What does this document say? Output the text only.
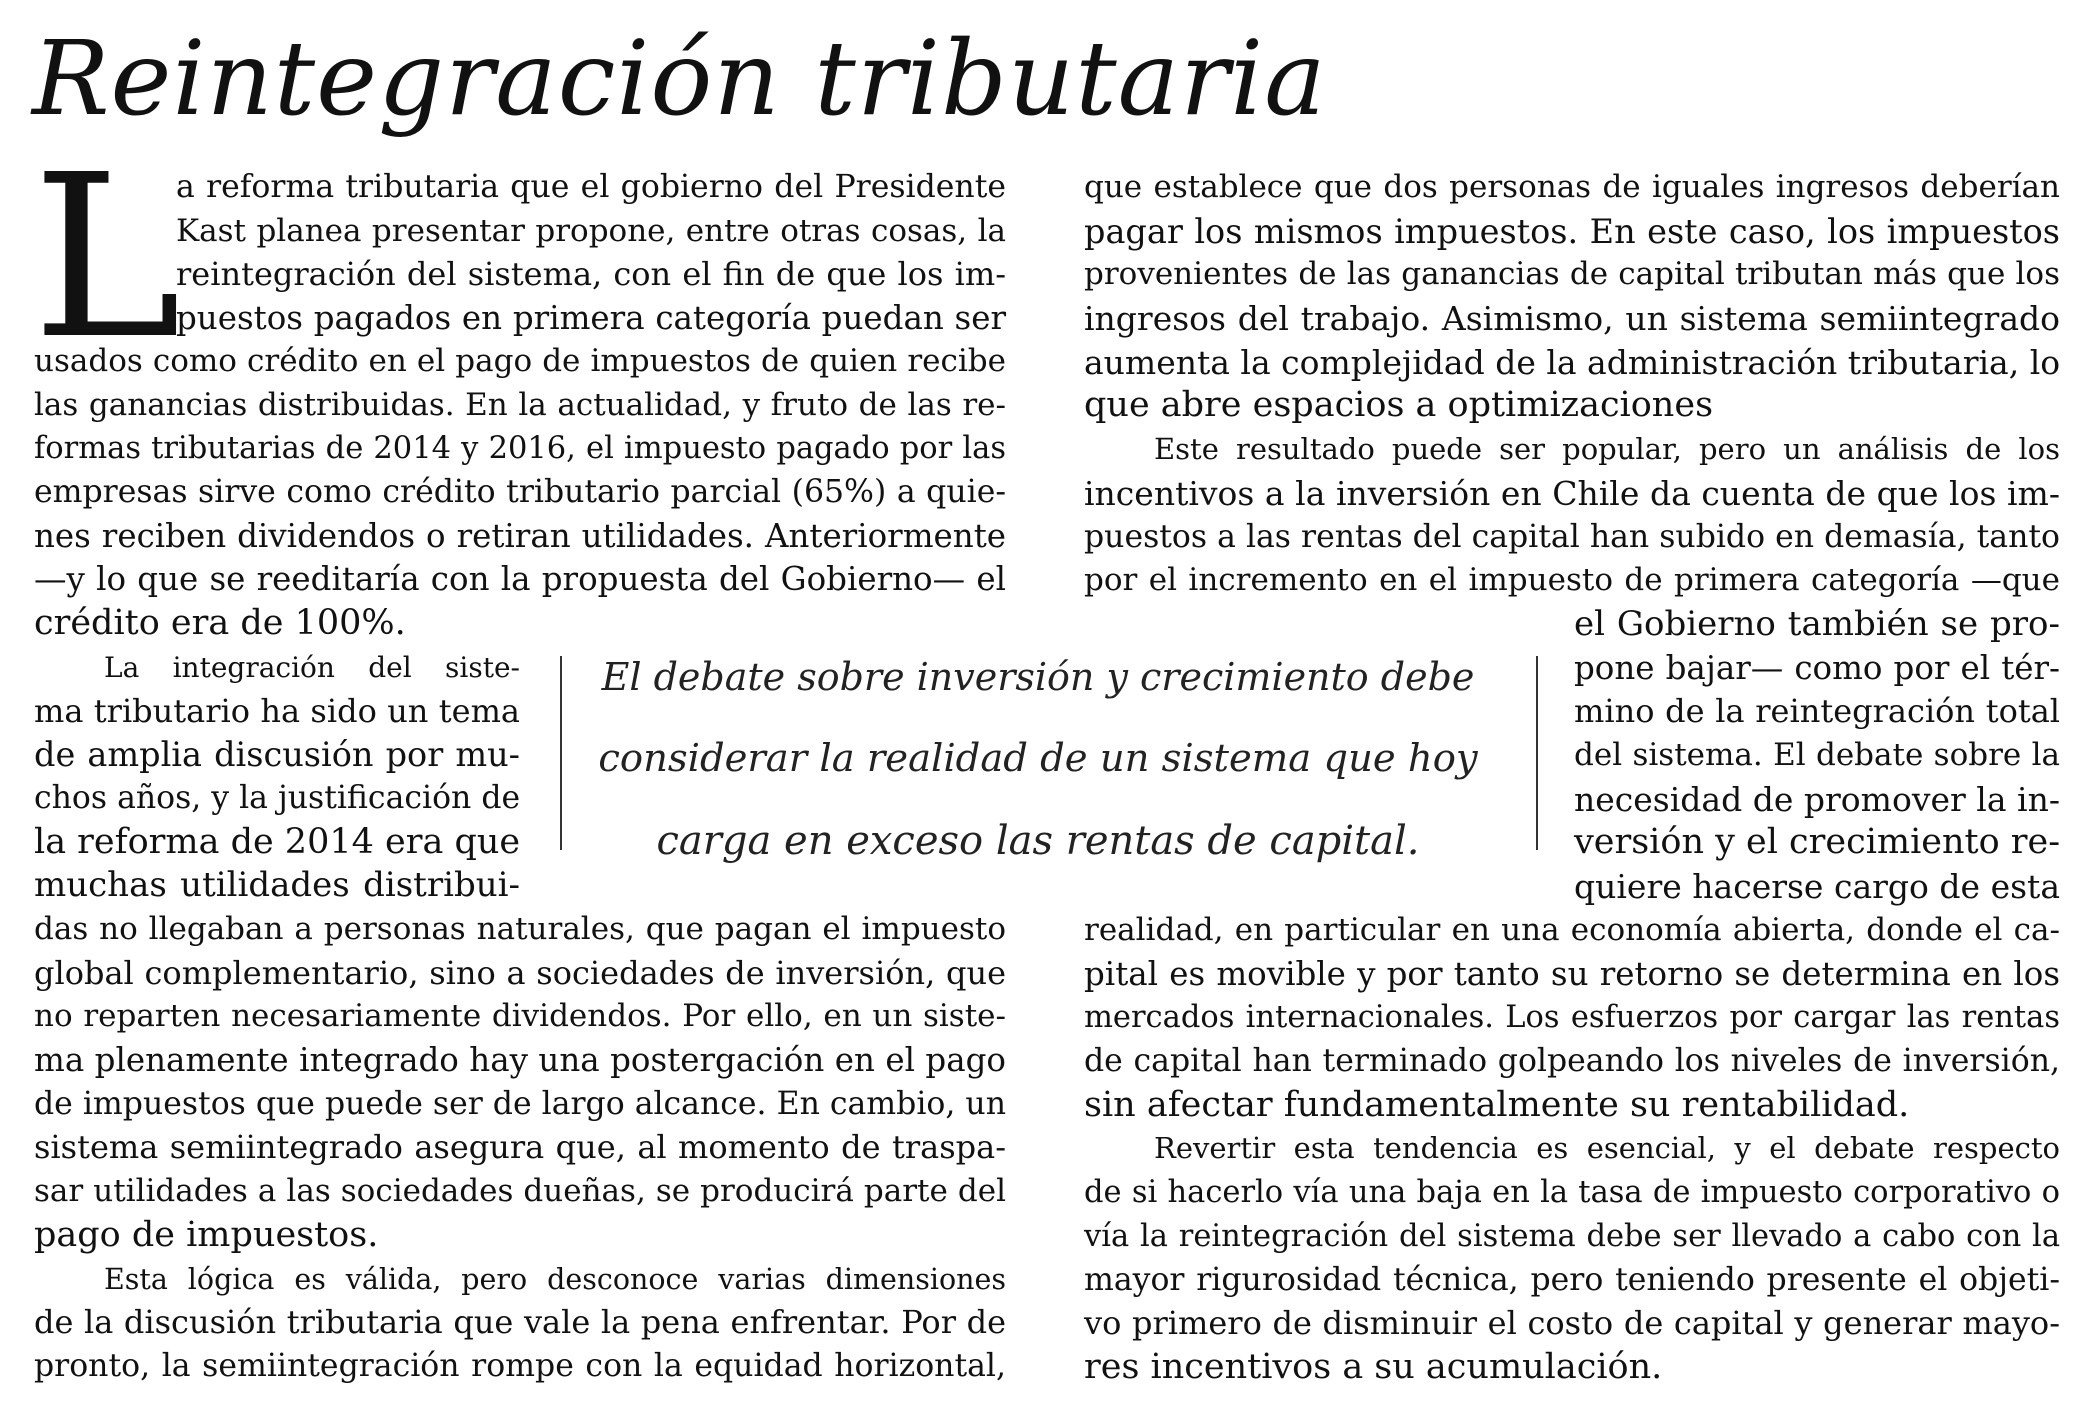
Reintegración tributaria
L
a reforma tributaria que el gobierno del Presidente
Kast planea presentar propone, entre otras cosas, la
reintegración del sistema, con el fin de que los im-
puestos pagados en primera categoría puedan ser
usados como crédito en el pago de impuestos de quien recibe
las ganancias distribuidas. En la actualidad, y fruto de las re-
formas tributarias de 2014 y 2016, el impuesto pagado por las
empresas sirve como crédito tributario parcial (65%) a quie-
nes reciben dividendos o retiran utilidades. Anteriormente
—y lo que se reeditaría con la propuesta del Gobierno— el
crédito era de 100%.
La integración del siste-
ma tributario ha sido un tema
de amplia discusión por mu-
chos años, y la justificación de
la reforma de 2014 era que
muchas utilidades distribui-
das no llegaban a personas naturales, que pagan el impuesto
global complementario, sino a sociedades de inversión, que
no reparten necesariamente dividendos. Por ello, en un siste-
ma plenamente integrado hay una postergación en el pago
de impuestos que puede ser de largo alcance. En cambio, un
sistema semiintegrado asegura que, al momento de traspa-
sar utilidades a las sociedades dueñas, se producirá parte del
pago de impuestos.
Esta lógica es válida, pero desconoce varias dimensiones
de la discusión tributaria que vale la pena enfrentar. Por de
pronto, la semiintegración rompe con la equidad horizontal,
que establece que dos personas de iguales ingresos deberían
pagar los mismos impuestos. En este caso, los impuestos
provenientes de las ganancias de capital tributan más que los
ingresos del trabajo. Asimismo, un sistema semiintegrado
aumenta la complejidad de la administración tributaria, lo
que abre espacios a optimizaciones
Este resultado puede ser popular, pero un análisis de los
incentivos a la inversión en Chile da cuenta de que los im-
puestos a las rentas del capital han subido en demasía, tanto
por el incremento en el impuesto de primera categoría —que
el Gobierno también se pro-
pone bajar— como por el tér-
mino de la reintegración total
del sistema. El debate sobre la
necesidad de promover la in-
versión y el crecimiento re-
quiere hacerse cargo de esta
realidad, en particular en una economía abierta, donde el ca-
pital es movible y por tanto su retorno se determina en los
mercados internacionales. Los esfuerzos por cargar las rentas
de capital han terminado golpeando los niveles de inversión,
sin afectar fundamentalmente su rentabilidad.
Revertir esta tendencia es esencial, y el debate respecto
de si hacerlo vía una baja en la tasa de impuesto corporativo o
vía la reintegración del sistema debe ser llevado a cabo con la
mayor rigurosidad técnica, pero teniendo presente el objeti-
vo primero de disminuir el costo de capital y generar mayo-
res incentivos a su acumulación.
El debate sobre inversión y crecimiento debe
considerar la realidad de un sistema que hoy
carga en exceso las rentas de capital.
